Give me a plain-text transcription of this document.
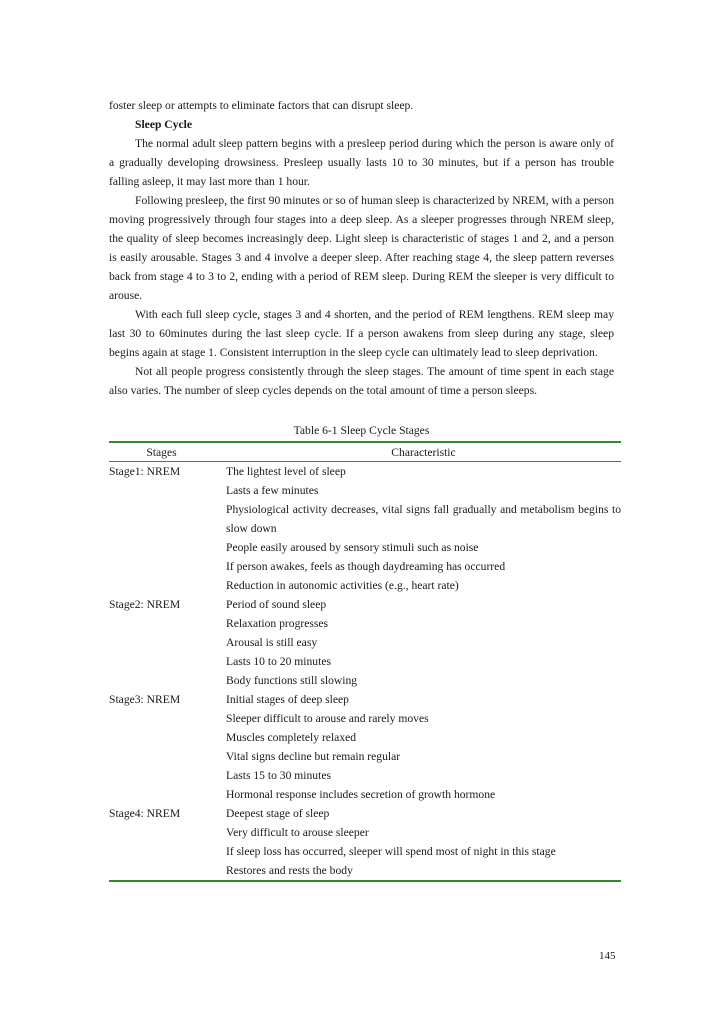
foster sleep or attempts to eliminate factors that can disrupt sleep.

Sleep Cycle

The normal adult sleep pattern begins with a presleep period during which the person is aware only of a gradually developing drowsiness. Presleep usually lasts 10 to 30 minutes, but if a person has trouble falling asleep, it may last more than 1 hour.

Following presleep, the first 90 minutes or so of human sleep is characterized by NREM, with a person moving progressively through four stages into a deep sleep. As a sleeper progresses through NREM sleep, the quality of sleep becomes increasingly deep. Light sleep is characteristic of stages 1 and 2, and a person is easily arousable. Stages 3 and 4 involve a deeper sleep. After reaching stage 4, the sleep pattern reverses back from stage 4 to 3 to 2, ending with a period of REM sleep. During REM the sleeper is very difficult to arouse.

With each full sleep cycle, stages 3 and 4 shorten, and the period of REM lengthens. REM sleep may last 30 to 60minutes during the last sleep cycle. If a person awakens from sleep during any stage, sleep begins again at stage 1. Consistent interruption in the sleep cycle can ultimately lead to sleep deprivation.

Not all people progress consistently through the sleep stages. The amount of time spent in each stage also varies. The number of sleep cycles depends on the total amount of time a person sleeps.

Table 6-1 Sleep Cycle Stages
Stages	Characteristic
Stage1: NREM	The lightest level of sleep
	Lasts a few minutes
	Physiological activity decreases, vital signs fall gradually and metabolism begins to slow down
	People easily aroused by sensory stimuli such as noise
	If person awakes, feels as though daydreaming has occurred
	Reduction in autonomic activities (e.g., heart rate)
Stage2: NREM	Period of sound sleep
	Relaxation progresses
	Arousal is still easy
	Lasts 10 to 20 minutes
	Body functions still slowing
Stage3: NREM	Initial stages of deep sleep
	Sleeper difficult to arouse and rarely moves
	Muscles completely relaxed
	Vital signs decline but remain regular
	Lasts 15 to 30 minutes
	Hormonal response includes secretion of growth hormone
Stage4: NREM	Deepest stage of sleep
	Very difficult to arouse sleeper
	If sleep loss has occurred, sleeper will spend most of night in this stage
	Restores and rests the body
145
